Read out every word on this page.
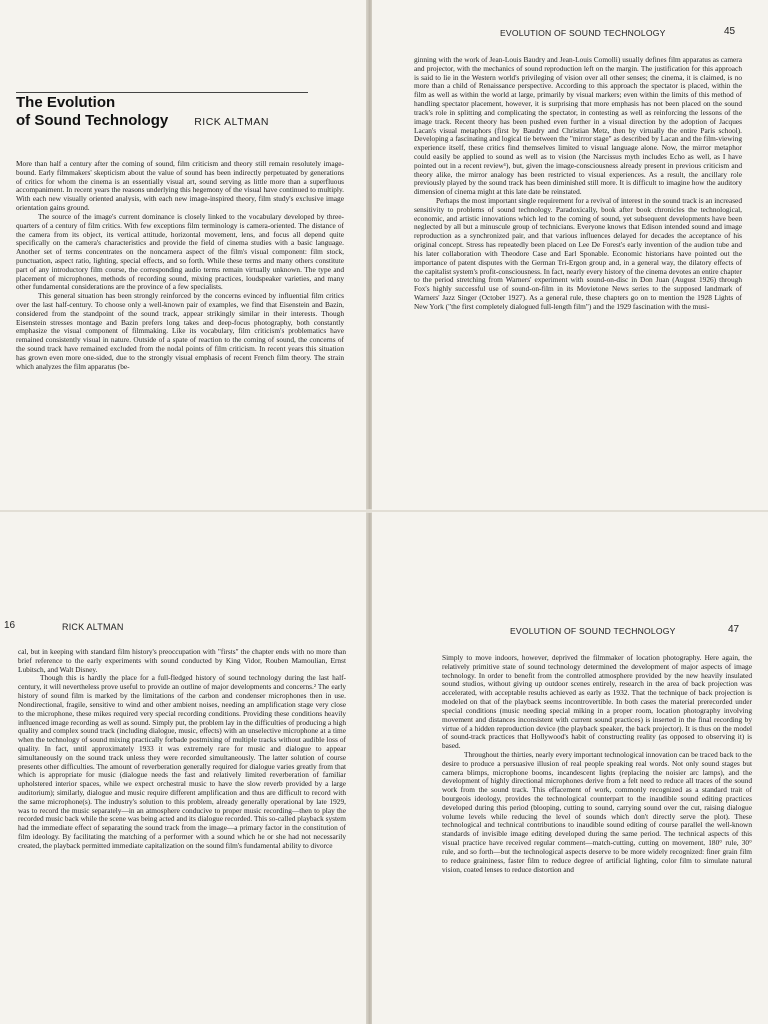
The Evolution
of Sound Technology RICK ALTMAN

More than half a century after the coming of sound, film criticism and theory still remain resolutely image-bound. Early filmmakers' skepticism about the value of sound has been indirectly perpetuated by generations of critics for whom the cinema is an essentially visual art, sound serving as little more than a superfluous accompaniment. In recent years the reasons underlying this hegemony of the visual have continued to multiply. With each new visually oriented analysis, with each new image-inspired theory, film study's exclusive image orientation gains ground.

The source of the image's current dominance is closely linked to the vocabulary developed by three-quarters of a century of film critics. With few exceptions film terminology is camera-oriented. The distance of the camera from its object, its vertical attitude, horizontal movement, lens, and focus all depend quite specifically on the camera's characteristics and provide the field of cinema studies with a basic language. Another set of terms concentrates on the noncamera aspect of the film's visual component: film stock, punctuation, aspect ratio, lighting, special effects, and so forth. While these terms and many others constitute part of any introductory film course, the corresponding audio terms remain virtually unknown. The type and placement of microphones, methods of recording sound, mixing practices, loudspeaker varieties, and many other fundamental considerations are the province of a few specialists.

This general situation has been strongly reinforced by the concerns evinced by influential film critics over the last half-century. To choose only a well-known pair of examples, we find that Eisenstein and Bazin, considered from the standpoint of the sound track, appear strikingly similar in their interests. Though Eisenstein stresses montage and Bazin prefers long takes and deep-focus photography, both constantly emphasize the visual component of filmmaking. Like its vocabulary, film criticism's problematics have remained consistently visual in nature. Outside of a spate of reaction to the coming of sound, the concerns of the sound track have remained excluded from the nodal points of film criticism. In recent years this situation has grown even more one-sided, due to the strongly visual emphasis of recent French film theory. The strain which analyzes the film apparatus (be-

EVOLUTION OF SOUND TECHNOLOGY	45

ginning with the work of Jean-Louis Baudry and Jean-Louis Comolli) usually defines film apparatus as camera and projector, with the mechanics of sound reproduction left on the margin. The justification for this approach is said to lie in the Western world's privileging of vision over all other senses; the cinema, it is claimed, is no more than a child of Renaissance perspective. According to this approach the spectator is placed, within the film as well as within the world at large, primarily by visual markers; even within the limits of this method of handling spectator placement, however, it is surprising that more emphasis has not been placed on the sound track's role in splitting and complicating the spectator, in contesting as well as reinforcing the lessons of the image track. Recent theory has been pushed even further in a visual direction by the adoption of Jacques Lacan's visual metaphors (first by Baudry and Christian Metz, then by virtually the entire Paris school). Developing a fascinating and logical tie between the "mirror stage" as described by Lacan and the film-viewing experience itself, these critics find themselves limited to visual language alone. Now, the mirror metaphor could easily be applied to sound as well as to vision (the Narcissus myth includes Echo as well, as I have pointed out in a recent review¹), but, given the image-consciousness already present in previous criticism and theory alike, the mirror analogy has been restricted to visual experiences. As a result, the ancillary role previously played by the sound track has been diminished still more. It is difficult to imagine how the auditory dimension of cinema might at this late date be reinstated.

Perhaps the most important single requirement for a revival of interest in the sound track is an increased sensitivity to problems of sound technology. Paradoxically, book after book chronicles the technological, economic, and artistic innovations which led to the coming of sound, yet subsequent developments have been neglected by all but a minuscule group of technicians. Everyone knows that Edison intended sound and image reproduction as a synchronized pair, and that various influences delayed for decades the acceptance of his original concept. Stress has repeatedly been placed on Lee De Forest's early invention of the audion tube and his later collaboration with Theodore Case and Earl Sponable. Economic historians have pointed out the importance of patent disputes with the German Tri-Ergon group and, in a general way, the dilatory effects of the capitalist system's profit-consciousness. In fact, nearly every history of the cinema devotes an entire chapter to the period stretching from Warners' experiment with sound-on-disc in Don Juan (August 1926) through Fox's highly successful use of sound-on-film in its Movietone News series to the supposed landmark of Warners' Jazz Singer (October 1927). As a general rule, these chapters go on to mention the 1928 Lights of New York ("the first completely dialogued full-length film") and the 1929 fascination with the musi-

16	RICK ALTMAN

cal, but in keeping with standard film history's preoccupation with "firsts" the chapter ends with no more than brief reference to the early experiments with sound conducted by King Vidor, Rouben Mamoulian, Ernst Lubitsch, and Walt Disney.

Though this is hardly the place for a full-fledged history of sound technology during the last half-century, it will nevertheless prove useful to provide an outline of major developments and concerns.² The early history of sound film is marked by the limitations of the carbon and condenser microphones then in use. Nondirectional, fragile, sensitive to wind and other ambient noises, needing an amplification stage very close to the microphone, these mikes required very special recording conditions. Providing these conditions heavily influenced image recording as well as sound. Simply put, the problem lay in the difficulties of producing a high quality and complex sound track (including dialogue, music, effects) with an unselective microphone at a time when the technology of sound mixing practically forbade postmixing of multiple tracks without audible loss of quality. In fact, until approximately 1933 it was extremely rare for music and dialogue to appear simultaneously on the sound track unless they were recorded simultaneously. The latter solution of course presents other difficulties. The amount of reverberation generally required for dialogue varies greatly from that which is appropriate for music (dialogue needs the fast and relatively limited reverberation of familiar upholstered interior spaces, while we expect orchestral music to have the slow reverb provided by a large auditorium); similarly, dialogue and music require different amplification and thus are difficult to record with the same microphone(s). The industry's solution to this problem, already generally operational by late 1929, was to record the music separately—in an atmosphere conducive to proper music recording—then to play the recorded music back while the scene was being acted and its dialogue recorded. This so-called playback system had the immediate effect of separating the sound track from the image—a primary factor in the constitution of film ideology. By facilitating the matching of a performer with a sound which he or she had not necessarily created, the playback permitted immediate capitalization on the sound film's fundamental ability to divorce

EVOLUTION OF SOUND TECHNOLOGY	47

Simply to move indoors, however, deprived the filmmaker of location photography. Here again, the relatively primitive state of sound technology determined the development of major aspects of image technology. In order to benefit from the controlled atmosphere provided by the new heavily insulated sound studios, without giving up outdoor scenes entirely, research in the area of back projection was accelerated, with acceptable results achieved as early as 1932. That the technique of back projection is modeled on that of the playback seems incontrovertible. In both cases the material prerecorded under special conditions (music needing special miking in a proper room, location photography involving movement and distances inconsistent with current sound practices) is inserted in the final recording by virtue of a hidden reproduction device (the playback speaker, the back projector). It is thus on the model of sound-track practices that Hollywood's habit of constructing reality (as opposed to observing it) is based.

Throughout the thirties, nearly every important technological innovation can be traced back to the desire to produce a persuasive illusion of real people speaking real words. Not only sound stages but camera blimps, microphone booms, incandescent lights (replacing the noisier arc lamps), and the development of highly directional microphones derive from a felt need to reduce all traces of the sound work from the sound track. This effacement of work, commonly recognized as a standard trait of bourgeois ideology, provides the technological counterpart to the inaudible sound editing practices developed during this period (blooping, cutting to sound, carrying sound over the cut, raising dialogue volume levels while reducing the level of sounds which don't directly serve the plot). These technological and technical contributions to inaudible sound editing of course parallel the well-known standards of invisible image editing developed during the same period. The technical aspects of this visual practice have received regular comment—match-cutting, cutting on movement, 180° rule, 30° rule, and so forth—but the technological aspects deserve to be more widely recognized: finer grain film to reduce graininess, faster film to reduce degree of artificial lighting, color film to simulate natural vision, coated lenses to reduce distortion and
